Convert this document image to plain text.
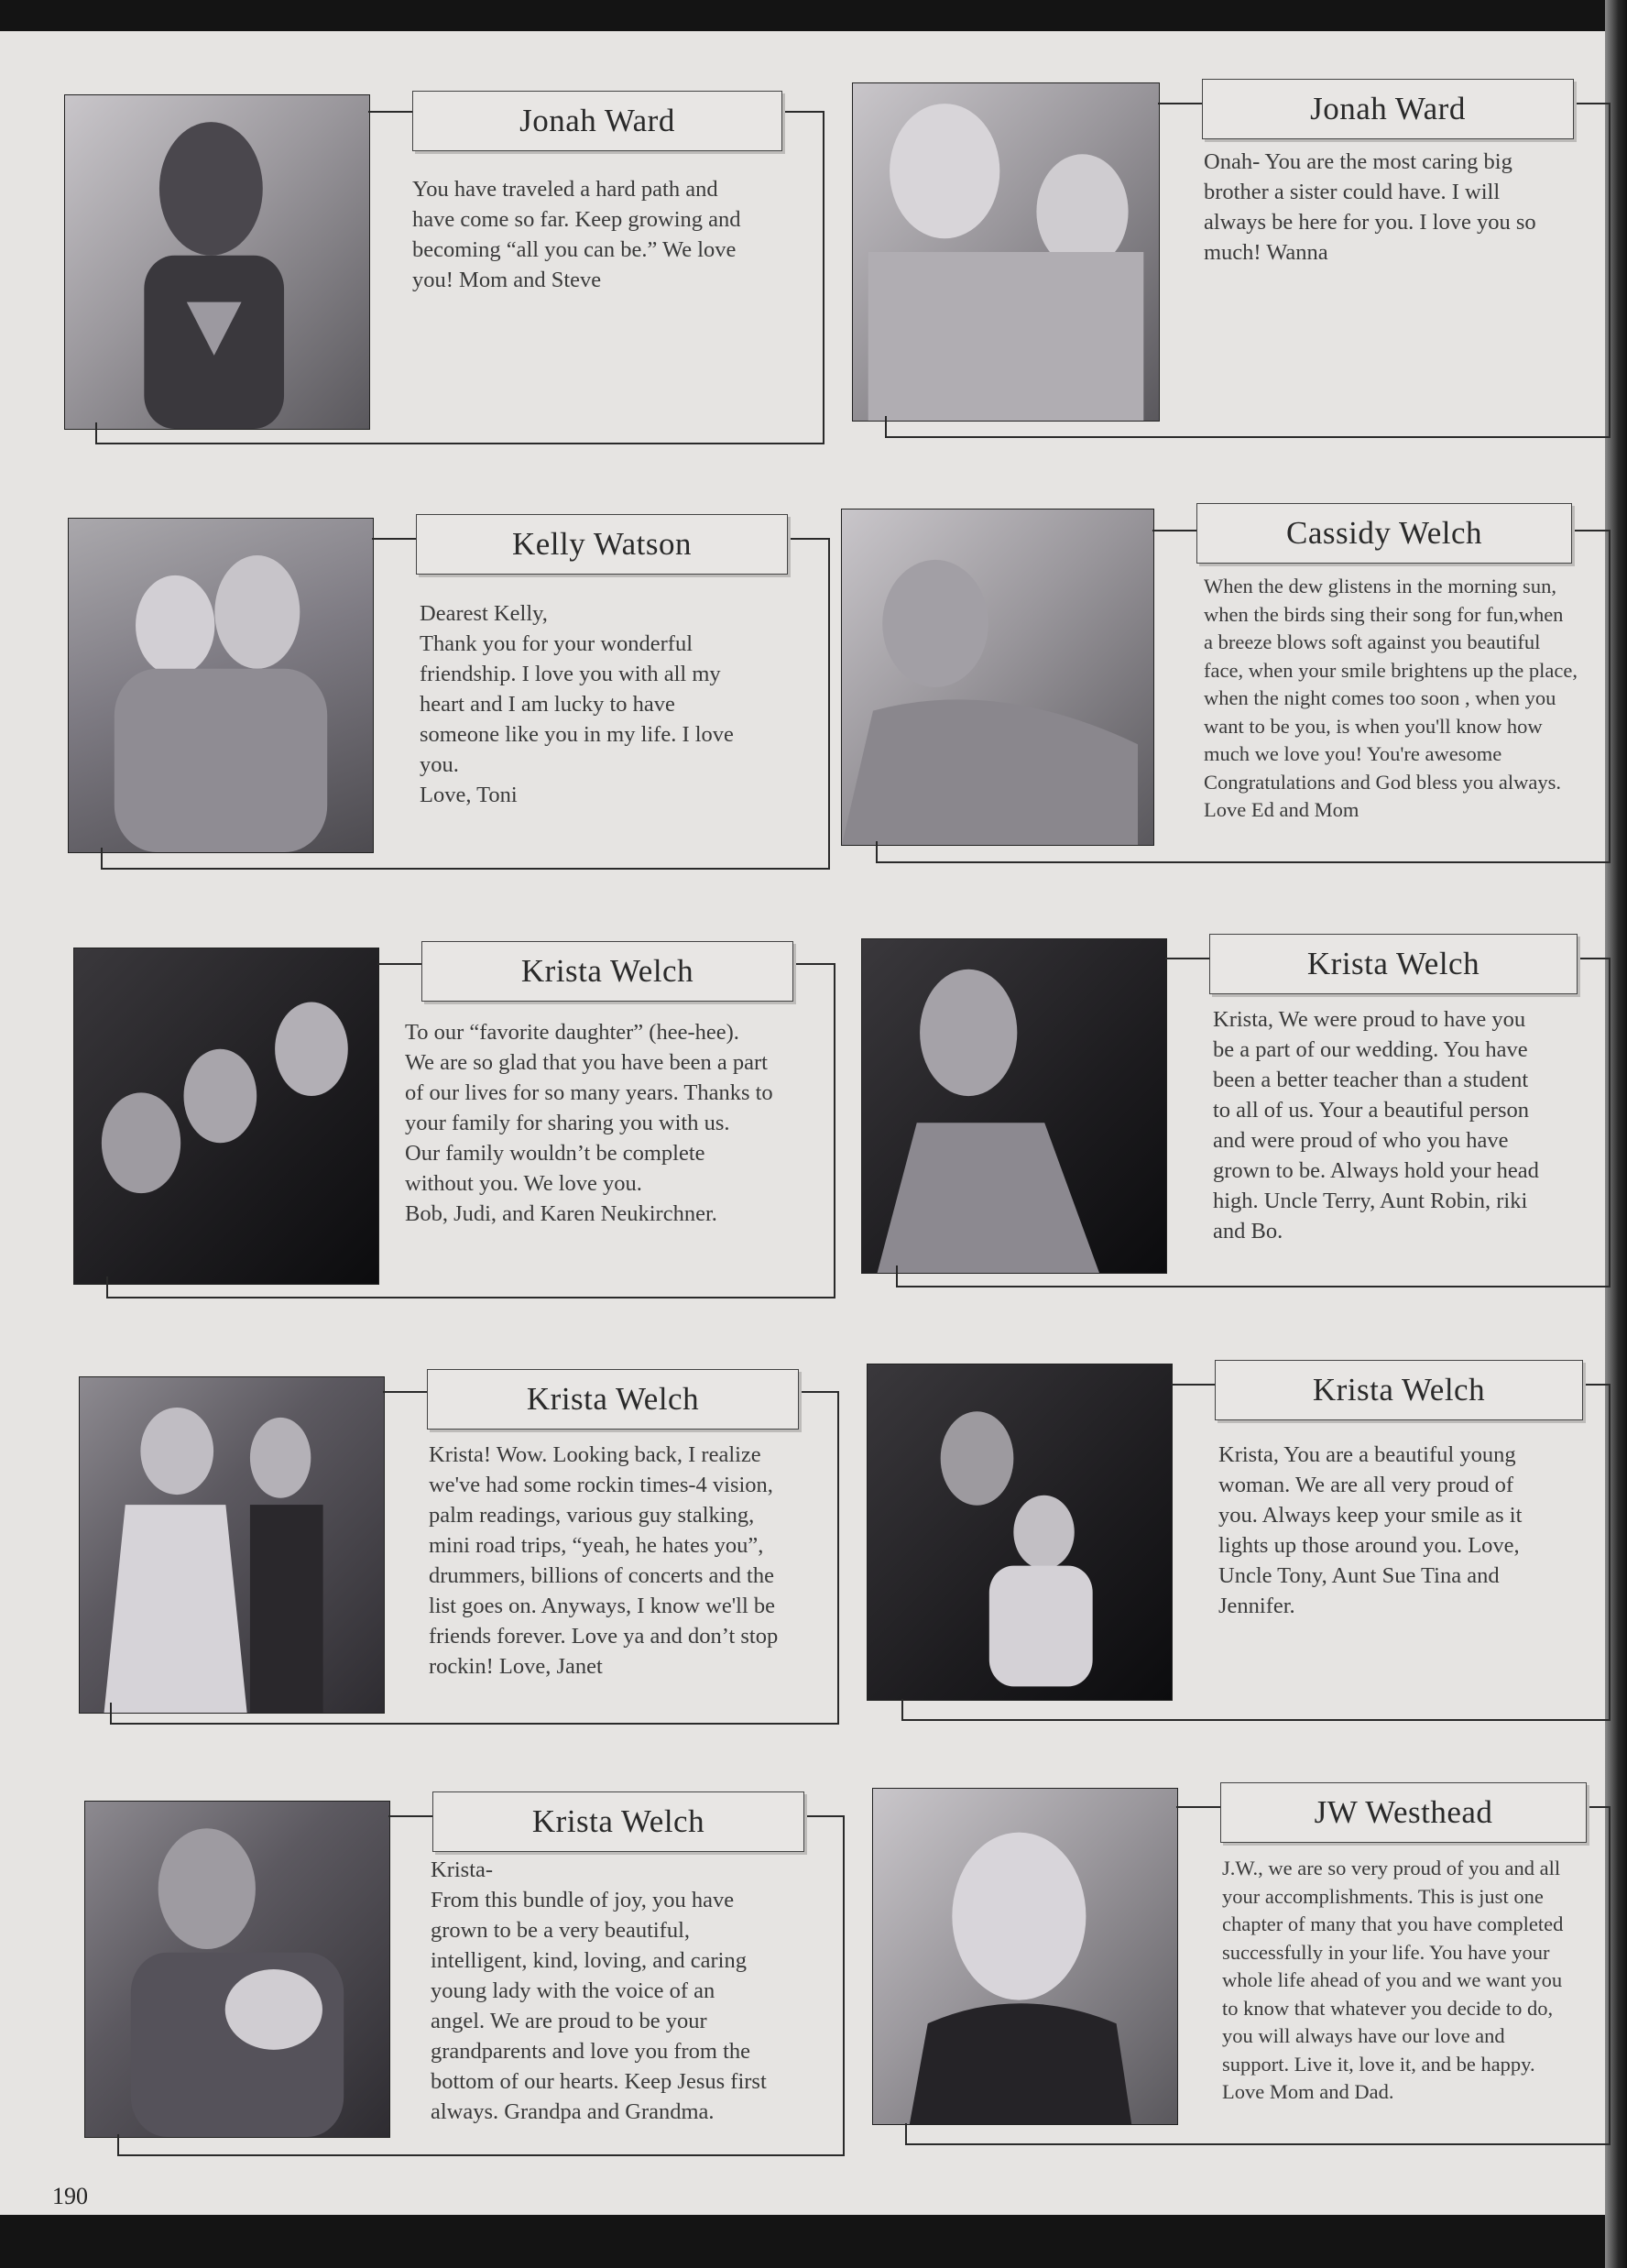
Jonah Ward
You have traveled a hard path and
have come so far. Keep growing and
becoming “all you can be.” We love
you! Mom and Steve
Jonah Ward
Onah- You are the most caring big
brother a sister could have. I will
always be here for you. I love you so
much! Wanna
Kelly Watson
Dearest Kelly,
Thank you for your wonderful
friendship. I love you with all my
heart and I am lucky to have
someone like you in my life. I love
you.
Love, Toni
Cassidy Welch
When the dew glistens in the morning sun,
when the birds sing their song for fun,when
a breeze blows soft against you beautiful
face, when your smile brightens up the place,
when the night comes too soon , when you
want to be you, is when you'll know how
much we love you! You're awesome
Congratulations and God bless you always.
Love Ed and Mom
Krista Welch
To our “favorite daughter” (hee-hee).
We are so glad that you have been a part
of our lives for so many years. Thanks to
your family for sharing you with us.
Our family wouldn’t be complete
without you. We love you.
Bob, Judi, and Karen Neukirchner.
Krista Welch
Krista, We were proud to have you
be a part of our wedding. You have
been a better teacher than a student
to all of us. Your a beautiful person
and were proud of who you have
grown to be. Always hold your head
high. Uncle Terry, Aunt Robin, riki
and Bo.
Krista Welch
Krista! Wow. Looking back, I realize
we've had some rockin times-4 vision,
palm readings, various guy stalking,
mini road trips, “yeah, he hates you”,
drummers, billions of concerts and the
list goes on. Anyways, I know we'll be
friends forever. Love ya and don’t stop
rockin! Love, Janet
Krista Welch
Krista, You are a beautiful young
woman. We are all very proud of
you. Always keep your smile as it
lights up those around you. Love,
Uncle Tony, Aunt Sue Tina and
Jennifer.
Krista Welch
Krista-
From this bundle of joy, you have
grown to be a very beautiful,
intelligent, kind, loving, and caring
young lady with the voice of an
angel. We are proud to be your
grandparents and love you from the
bottom of our hearts. Keep Jesus first
always. Grandpa and Grandma.
JW Westhead
J.W., we are so very proud of you and all
your accomplishments. This is just one
chapter of many that you have completed
successfully in your life. You have your
whole life ahead of you and we want you
to know that whatever you decide to do,
you will always have our love and
support. Live it, love it, and be happy.
Love Mom and Dad.
190
